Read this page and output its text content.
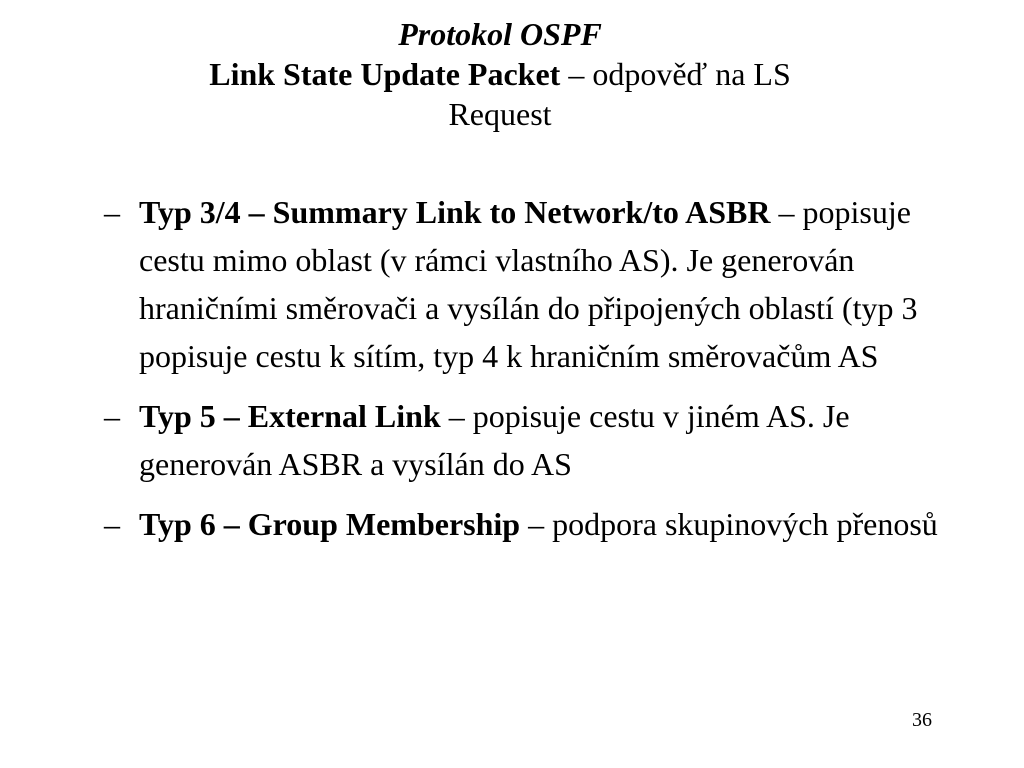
Protokol OSPF
Link State Update Packet – odpověď na LS
Request
– Typ 3/4 – Summary Link to Network/to ASBR – popisuje cestu mimo oblast (v rámci vlastního AS). Je generován hraničními směrovači a vysílán do připojených oblastí (typ 3 popisuje cestu k sítím, typ 4 k hraničním směrovačům AS
– Typ 5 – External Link – popisuje cestu v jiném AS. Je generován ASBR a vysílán do AS
– Typ 6 – Group Membership – podpora skupinových přenosů
36
